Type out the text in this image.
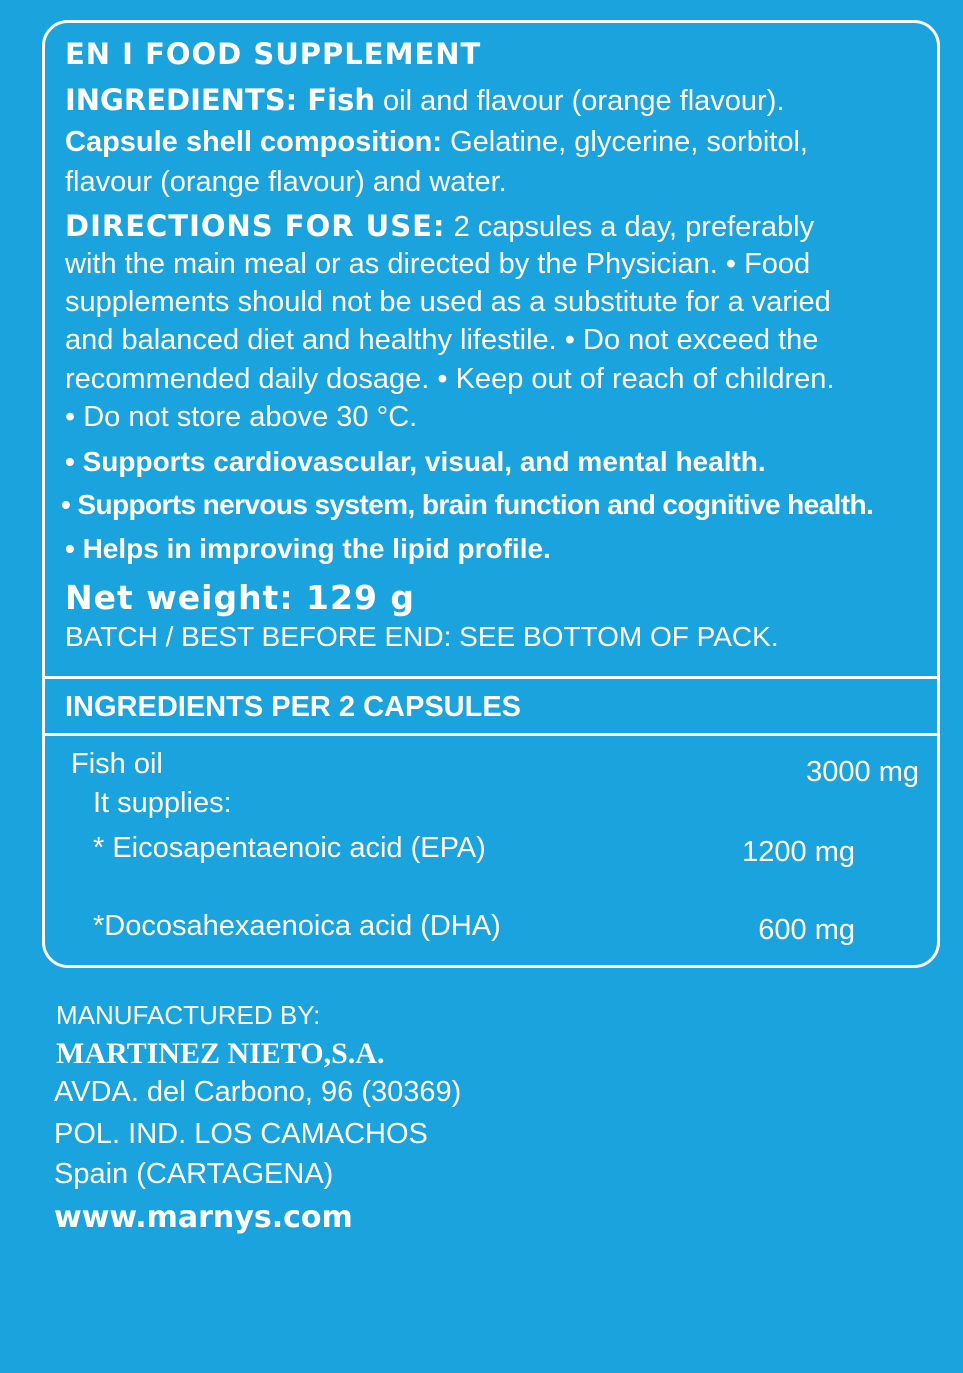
EN I FOOD SUPPLEMENT
INGREDIENTS: Fish oil and flavour (orange flavour).
Capsule shell composition: Gelatine, glycerine, sorbitol,
flavour (orange flavour) and water.
DIRECTIONS FOR USE: 2 capsules a day, preferably
with the main meal or as directed by the Physician. • Food
supplements should not be used as a substitute for a varied
and balanced diet and healthy lifestile. • Do not exceed the
recommended daily dosage. • Keep out of reach of children.
• Do not store above 30 °C.
• Supports cardiovascular, visual, and mental health.
• Supports nervous system, brain function and cognitive health.
• Helps in improving the lipid profile.
Net weight: 129 g
BATCH / BEST BEFORE END: SEE BOTTOM OF PACK.
INGREDIENTS PER 2 CAPSULES
Fish oil	3000 mg
It supplies:
* Eicosapentaenoic acid (EPA)	1200 mg
*Docosahexaenoica acid (DHA)	600 mg
MANUFACTURED BY:
MARTINEZ NIETO,S.A.
AVDA. del Carbono, 96 (30369)
POL. IND. LOS CAMACHOS
Spain (CARTAGENA)
www.marnys.com
